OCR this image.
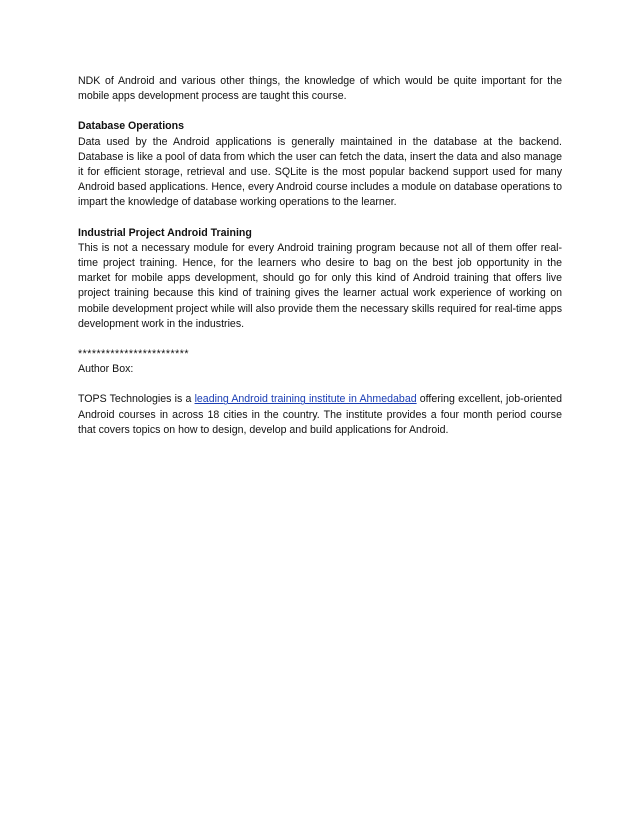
NDK of Android and various other things, the knowledge of which would be quite important for the mobile apps development process are taught this course.

Database Operations

Data used by the Android applications is generally maintained in the database at the backend. Database is like a pool of data from which the user can fetch the data, insert the data and also manage it for efficient storage, retrieval and use. SQLite is the most popular backend support used for many Android based applications. Hence, every Android course includes a module on database operations to impart the knowledge of database working operations to the learner.

Industrial Project Android Training

This is not a necessary module for every Android training program because not all of them offer real-time project training. Hence, for the learners who desire to bag on the best job opportunity in the market for mobile apps development, should go for only this kind of Android training that offers live project training because this kind of training gives the learner actual work experience of working on mobile development project while will also provide them the necessary skills required for real-time apps development work in the industries.

************************

Author Box:

TOPS Technologies is a leading Android training institute in Ahmedabad offering excellent, job-oriented Android courses in across 18 cities in the country. The institute provides a four month period course that covers topics on how to design, develop and build applications for Android.
